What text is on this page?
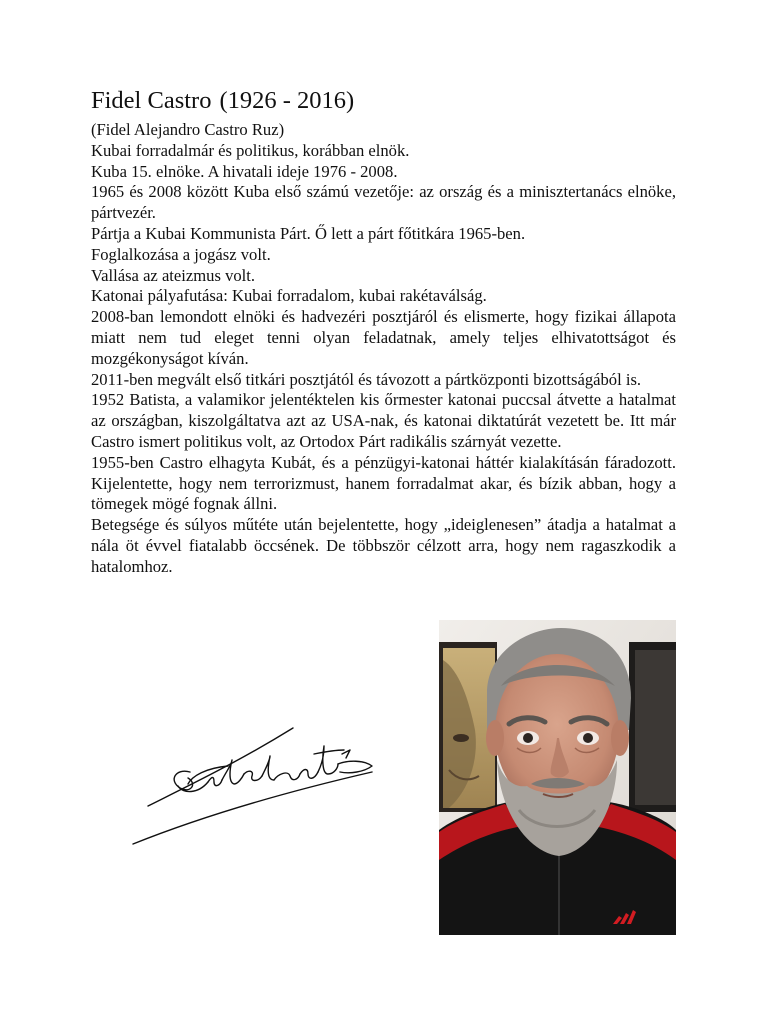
Fidel Castro (1926 - 2016)

(Fidel Alejandro Castro Ruz)

Kubai forradalmár és politikus, korábban elnök.

Kuba 15. elnöke. A hivatali ideje 1976 - 2008.

1965 és 2008 között Kuba első számú vezetője: az ország és a minisztertanács elnöke, pártvezér.

Pártja a Kubai Kommunista Párt. Ő lett a párt főtitkára 1965-ben.

Foglalkozása a jogász volt.

Vallása az ateizmus volt.

Katonai pályafutása: Kubai forradalom, kubai rakétaválság.

2008-ban lemondott elnöki és hadvezéri posztjáról és elismerte, hogy fizikai állapota miatt nem tud eleget tenni olyan feladatnak, amely teljes elhivatottságot és mozgékonyságot kíván.

2011-ben megvált első titkári posztjától és távozott a pártközponti bizottságából is.

1952 Batista, a valamikor jelentéktelen kis őrmester katonai puccsal átvette a hatalmat az országban, kiszolgáltatva azt az USA-nak, és katonai diktatúrát vezetett be. Itt már Castro ismert politikus volt, az Ortodox Párt radikális szárnyát vezette.

1955-ben Castro elhagyta Kubát, és a pénzügyi-katonai háttér kialakításán fáradozott. Kijelentette, hogy nem terrorizmust, hanem forradalmat akar, és bízik abban, hogy a tömegek mögé fognak állni.

Betegsége és súlyos műtéte után bejelentette, hogy „ideiglenesen” átadja a hatalmat a nála öt évvel fiatalabb öccsének. De többször célzott arra, hogy nem ragaszkodik a hatalomhoz.
